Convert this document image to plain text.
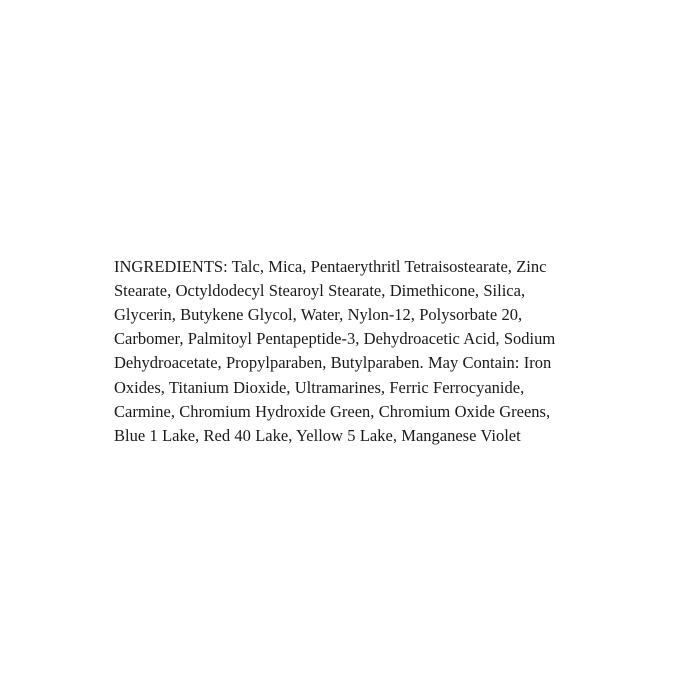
INGREDIENTS: Talc, Mica, Pentaerythritl Tetraisostearate, Zinc Stearate, Octyldodecyl Stearoyl Stearate, Dimethicone, Silica, Glycerin, Butykene Glycol, Water, Nylon-12, Polysorbate 20, Carbomer, Palmitoyl Pentapeptide-3, Dehydroacetic Acid, Sodium Dehydroacetate, Propylparaben, Butylparaben. May Contain: Iron Oxides, Titanium Dioxide, Ultramarines, Ferric Ferrocyanide, Carmine, Chromium Hydroxide Green, Chromium Oxide Greens, Blue 1 Lake, Red 40 Lake, Yellow 5 Lake, Manganese Violet
